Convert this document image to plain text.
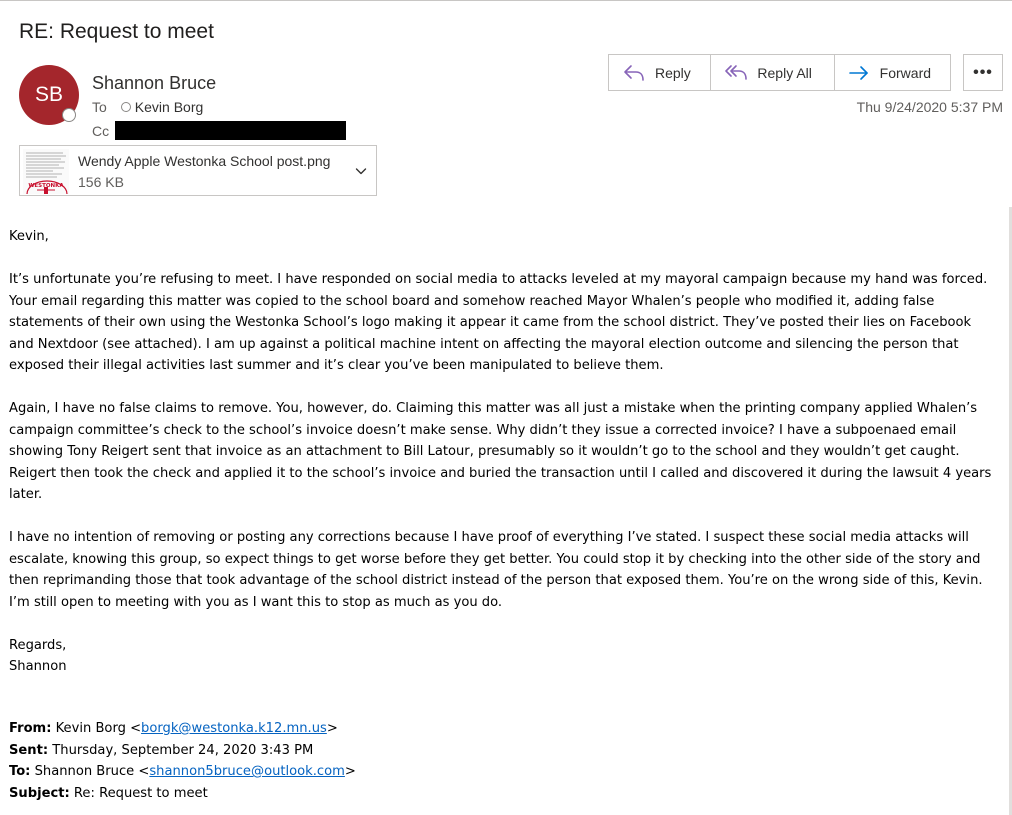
RE: Request to meet
SB Shannon Bruce
To Kevin Borg
Cc
Reply	Reply All	Forward	•••
Thu 9/24/2020 5:37 PM
WESTONKA
Wendy Apple Westonka School post.png
156 KB

Kevin,

It’s unfortunate you’re refusing to meet. I have responded on social media to attacks leveled at my mayoral campaign because my hand was forced. Your email regarding this matter was copied to the school board and somehow reached Mayor Whalen’s people who modified it, adding false statements of their own using the Westonka School’s logo making it appear it came from the school district. They’ve posted their lies on Facebook and Nextdoor (see attached). I am up against a political machine intent on affecting the mayoral election outcome and silencing the person that exposed their illegal activities last summer and it’s clear you’ve been manipulated to believe them.

Again, I have no false claims to remove. You, however, do. Claiming this matter was all just a mistake when the printing company applied Whalen’s campaign committee’s check to the school’s invoice doesn’t make sense. Why didn’t they issue a corrected invoice? I have a subpoenaed email showing Tony Reigert sent that invoice as an attachment to Bill Latour, presumably so it wouldn’t go to the school and they wouldn’t get caught. Reigert then took the check and applied it to the school’s invoice and buried the transaction until I called and discovered it during the lawsuit 4 years later.

I have no intention of removing or posting any corrections because I have proof of everything I’ve stated. I suspect these social media attacks will escalate, knowing this group, so expect things to get worse before they get better. You could stop it by checking into the other side of the story and then reprimanding those that took advantage of the school district instead of the person that exposed them. You’re on the wrong side of this, Kevin. I’m still open to meeting with you as I want this to stop as much as you do.

Regards,

Shannon

From: Kevin Borg <borgk@westonka.k12.mn.us>
Sent: Thursday, September 24, 2020 3:43 PM
To: Shannon Bruce <shannon5bruce@outlook.com>
Subject: Re: Request to meet
